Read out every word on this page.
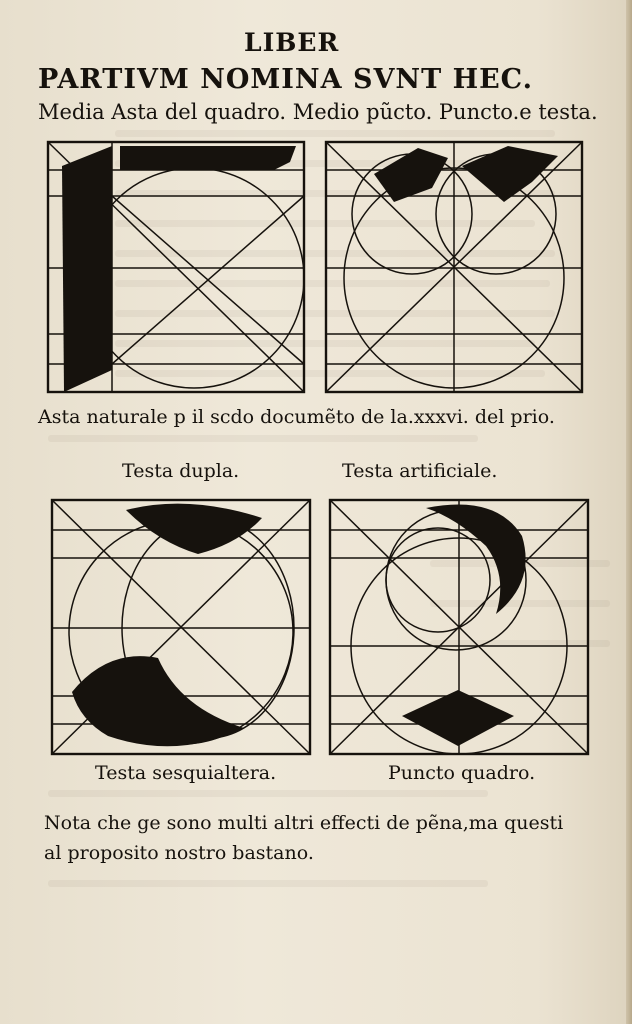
LIBER
PARTIVM NOMINA SVNT HEC.
Media Asta del quadro. Medio pũcto. Puncto.e testa.
Asta naturale p il scdo documẽto de la.xxxvi. del prio.
Testa dupla.	Testa artificiale.
Testa sesquialtera.	Puncto quadro.
Nota che ge sono multi altri effecti de pẽna,ma questi
al proposito nostro bastano.
